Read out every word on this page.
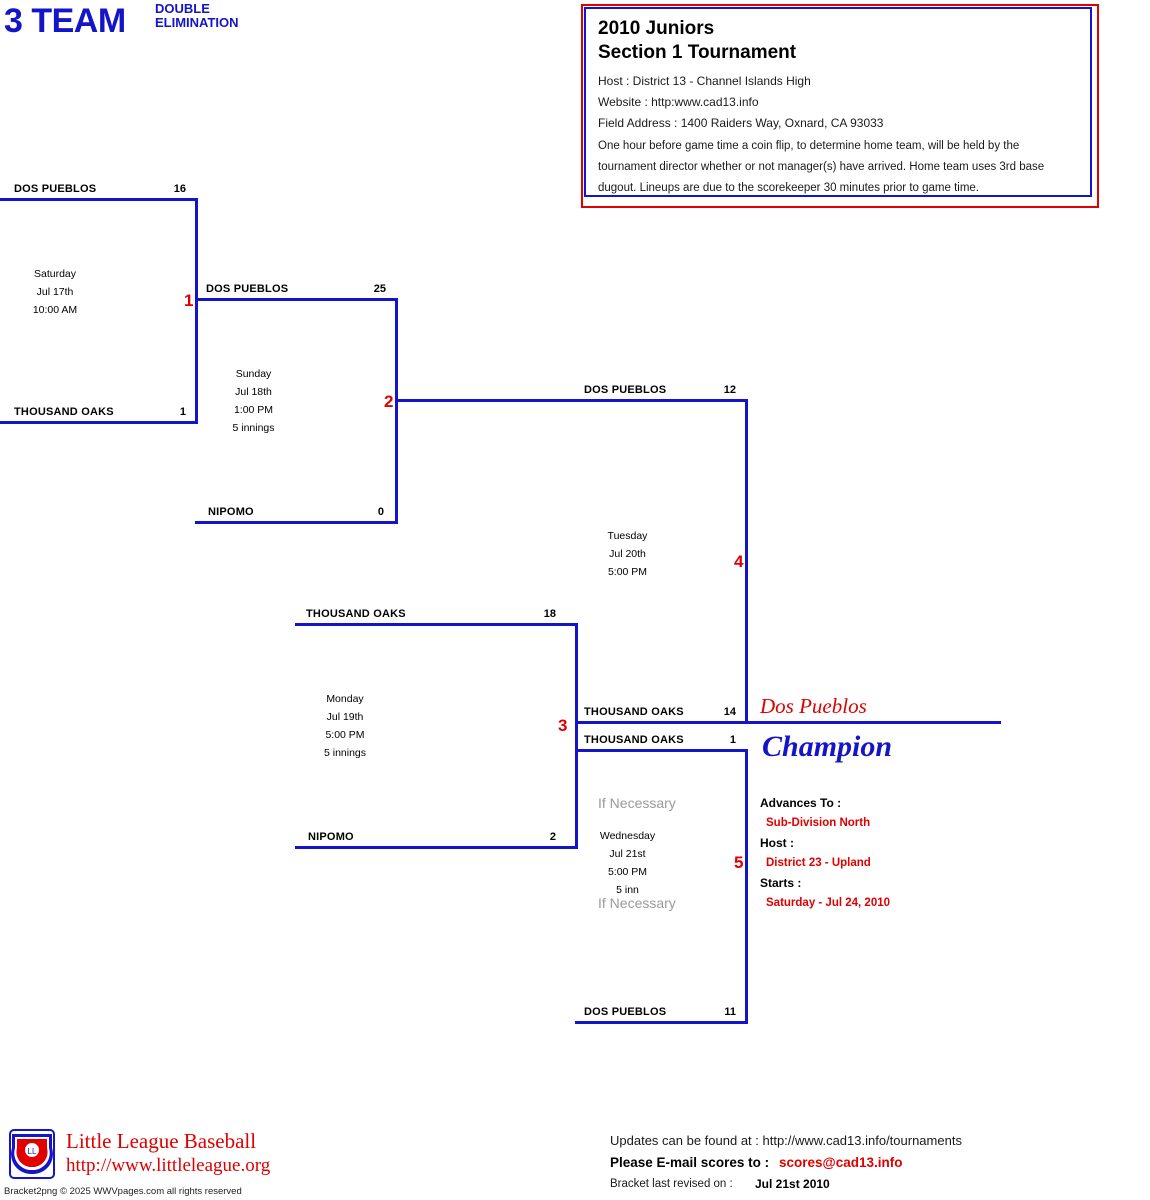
3 TEAM DOUBLE
ELIMINATION	2010 Juniors
Section 1 Tournament
Host : District 13 - Channel Islands High
Website : http:www.cad13.info
Field Address : 1400 Raiders Way, Oxnard, CA 93033
One hour before game time a coin flip, to determine home team, will be held by the tournament director whether or not manager(s) have arrived. Home team uses 3rd base dugout. Lineups are due to the scorekeeper 30 minutes prior to game time.
DOS PUEBLOS	16
THOUSAND OAKS	1
Saturday
Jul 17th
10:00 AM	1
DOS PUEBLOS	25
NIPOMO	0
Sunday
Jul 18th
1:00 PM
5 innings
2
THOUSAND OAKS	18
NIPOMO	2
Monday
Jul 19th
5:00 PM
5 innings
3
DOS PUEBLOS	12
THOUSAND OAKS	14
Tuesday
Jul 20th
5:00 PM
4
THOUSAND OAKS	1
DOS PUEBLOS	11
If Necessary
If Necessary
Wednesday
Jul 21st
5:00 PM
5 inn
5
Dos Pueblos
Champion
Advances To :
Sub-Division North
Host :
District 23 - Upland
Starts :
Saturday - Jul 24, 2010
LL Little League Baseball
http://www.littleleague.org
Bracket2png © 2025 WWVpages.com all rights reserved
Updates can be found at : http://www.cad13.info/tournaments
Please E-mail scores to : scores@cad13.info
Bracket last revised on : Jul 21st 2010
